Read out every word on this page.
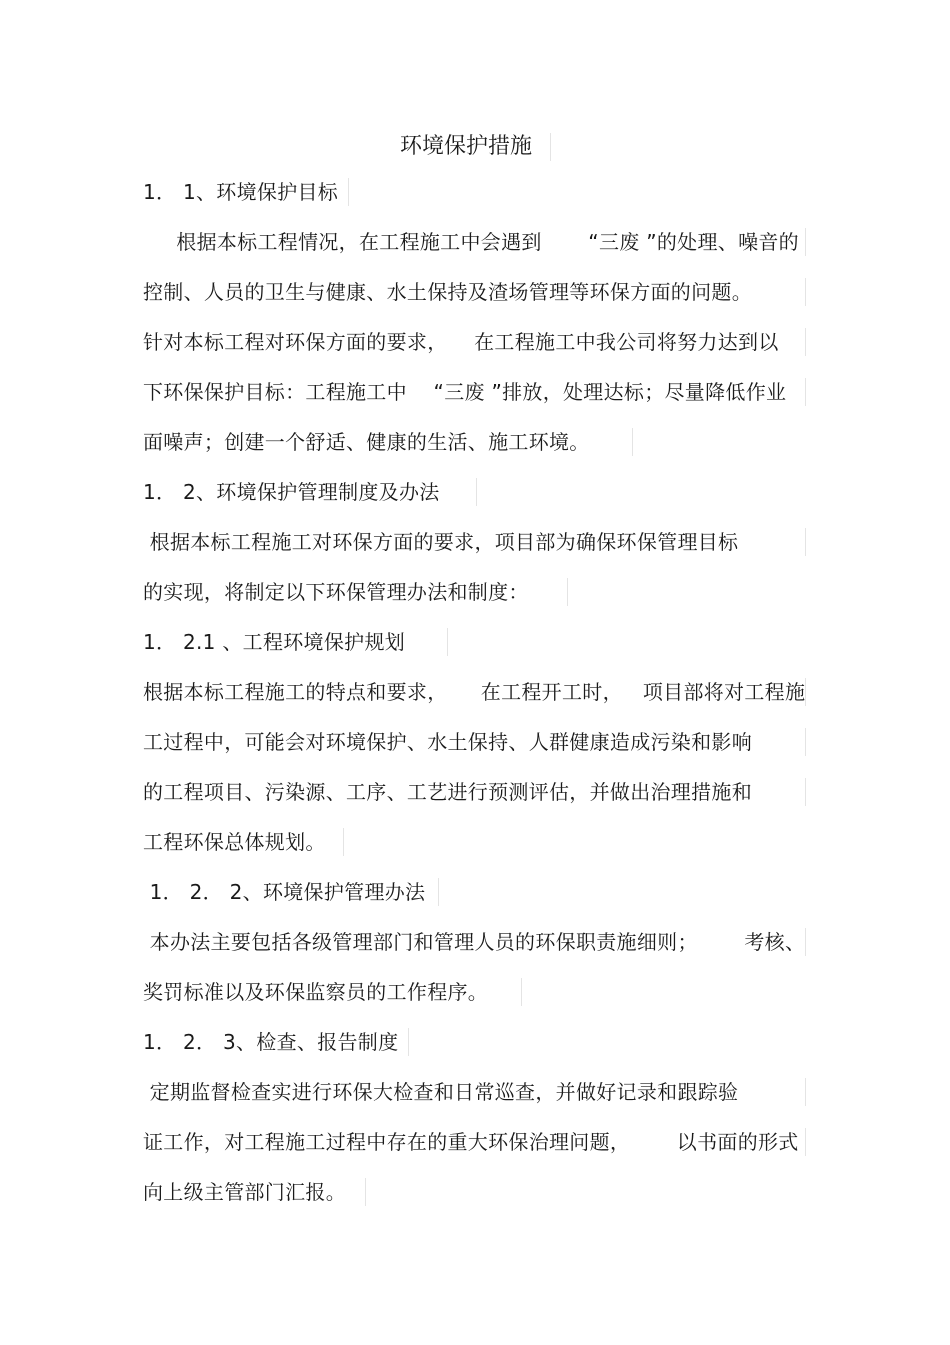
环境保护措施
1． 1、环境保护目标
根据本标工程情况，在工程施工中会遇到       “三废 ”的处理、噪音的
控制、人员的卫生与健康、水土保持及渣场管理等环保方面的问题。
针对本标工程对环保方面的要求，    在工程施工中我公司将努力达到以
下环保保护目标：工程施工中    “三废 ”排放，处理达标；尽量降低作业
面噪声；创建一个舒适、健康的生活、施工环境。
1． 2、环境保护管理制度及办法
根据本标工程施工对环保方面的要求，项目部为确保环保管理目标
的实现，将制定以下环保管理办法和制度：
1． 2.1 、工程环境保护规划
根据本标工程施工的特点和要求，     在工程开工时，   项目部将对工程施
工过程中，可能会对环境保护、水土保持、人群健康造成污染和影响
的工程项目、污染源、工序、工艺进行预测评估，并做出治理措施和
工程环保总体规划。
1． 2． 2、环境保护管理办法
本办法主要包括各级管理部门和管理人员的环保职责施细则；       考核、
奖罚标准以及环保监察员的工作程序。
1． 2． 3、检查、报告制度
定期监督检查实进行环保大检查和日常巡查，并做好记录和跟踪验
证工作，对工程施工过程中存在的重大环保治理问题，       以书面的形式
向上级主管部门汇报。
